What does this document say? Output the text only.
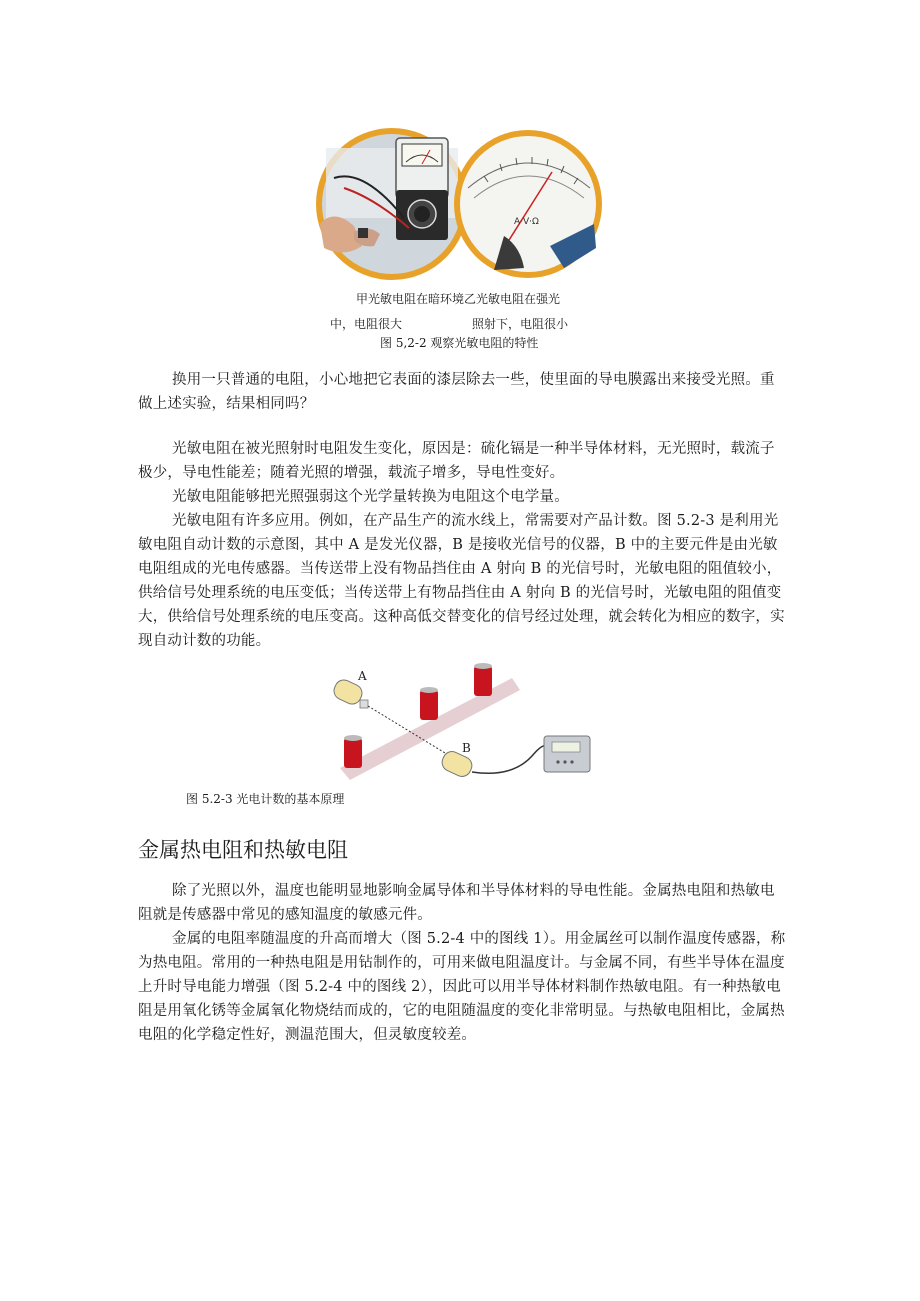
A·V·Ω
甲光敏电阻在暗环境乙光敏电阻在强光
中，电阻很大	照射下，电阻很小
图 5,2-2 观察光敏电阻的特性

换用一只普通的电阻，小心地把它表面的漆层除去一些，使里面的导电膜露出来接受光照。重做上述实验，结果相同吗？

光敏电阻在被光照射时电阻发生变化，原因是：硫化镉是一种半导体材料，无光照时，载流子极少，导电性能差；随着光照的增强，载流子增多，导电性变好。

光敏电阻能够把光照强弱这个光学量转换为电阻这个电学量。

光敏电阻有许多应用。例如，在产品生产的流水线上，常需要对产品计数。图 5.2-3 是利用光敏电阻自动计数的示意图，其中 A 是发光仪器，B 是接收光信号的仪器，B 中的主要元件是由光敏电阻组成的光电传感器。当传送带上没有物品挡住由 A 射向 B 的光信号时，光敏电阻的阻值较小，供给信号处理系统的电压变低；当传送带上有物品挡住由 A 射向 B 的光信号时，光敏电阻的阻值变大，供给信号处理系统的电压变高。这种高低交替变化的信号经过处理，就会转化为相应的数字，实现自动计数的功能。

A
B
图 5.2-3 光电计数的基本原理
金属热电阻和热敏电阻

除了光照以外，温度也能明显地影响金属导体和半导体材料的导电性能。金属热电阻和热敏电阻就是传感器中常见的感知温度的敏感元件。

金属的电阻率随温度的升高而增大（图 5.2-4 中的图线 1）。用金属丝可以制作温度传感器，称为热电阻。常用的一种热电阻是用钻制作的，可用来做电阻温度计。与金属不同，有些半导体在温度上升时导电能力增强（图 5.2-4 中的图线 2），因此可以用半导体材料制作热敏电阻。有一种热敏电阻是用氧化锈等金属氧化物烧结而成的，它的电阻随温度的变化非常明显。与热敏电阻相比，金属热电阻的化学稳定性好，测温范围大，但灵敏度较差。
